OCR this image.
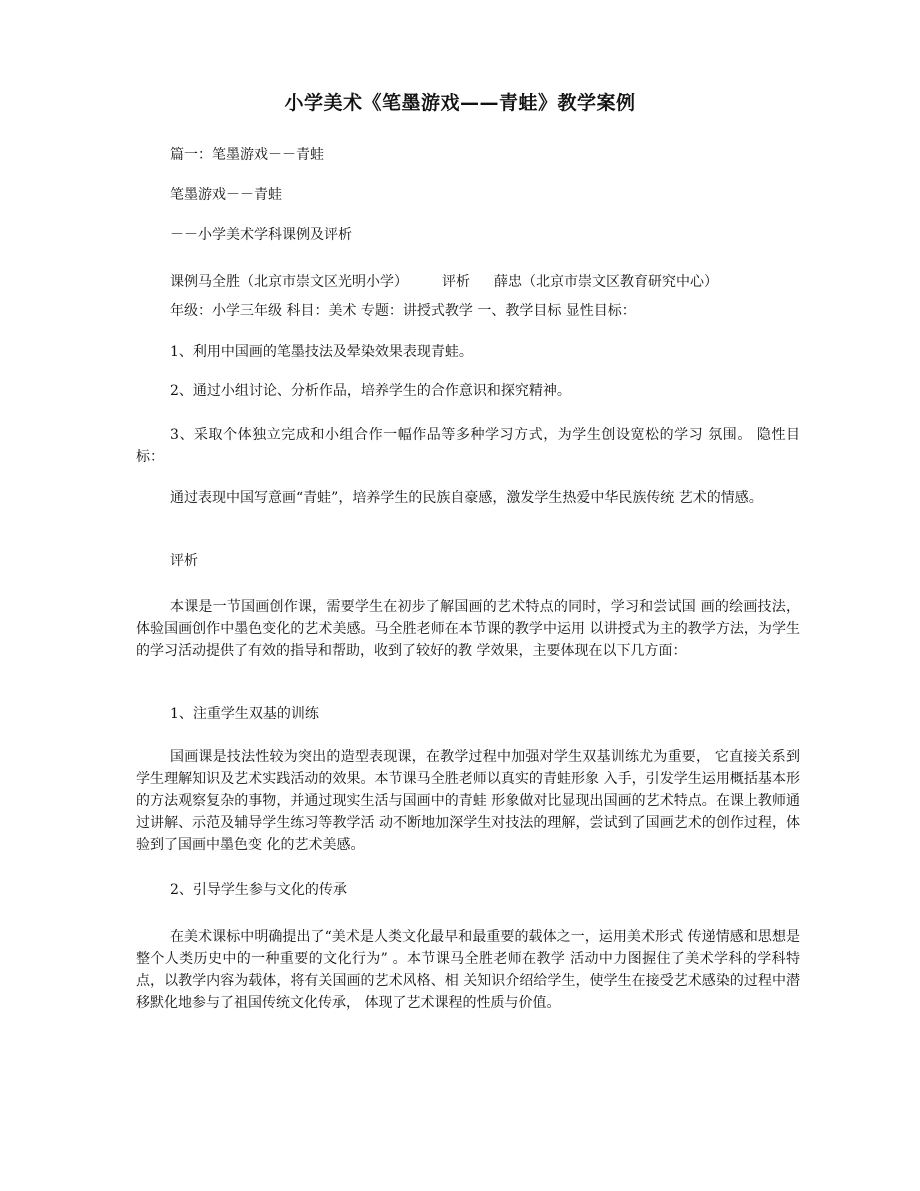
小学美术《笔墨游戏——青蛙》教学案例
篇一：笔墨游戏－－青蛙
笔墨游戏－－青蛙
－－小学美术学科课例及评析
课例马全胜（北京市崇文区光明小学） 评析 薛忠（北京市崇文区教育研究中心）
年级：小学三年级 科目：美术 专题：讲授式教学 一、教学目标 显性目标：
1、利用中国画的笔墨技法及晕染效果表现青蛙。
2、通过小组讨论、分析作品，培养学生的合作意识和探究精神。
3、采取个体独立完成和小组合作一幅作品等多种学习方式，为学生创设宽松的学习 氛围。 隐性目标：
通过表现中国写意画“青蛙”，培养学生的民族自豪感，激发学生热爱中华民族传统 艺术的情感。
评析
本课是一节国画创作课，需要学生在初步了解国画的艺术特点的同时，学习和尝试国 画的绘画技法，体验国画创作中墨色变化的艺术美感。马全胜老师在本节课的教学中运用 以讲授式为主的教学方法，为学生的学习活动提供了有效的指导和帮助，收到了较好的教 学效果，主要体现在以下几方面：
1、注重学生双基的训练
国画课是技法性较为突出的造型表现课，在教学过程中加强对学生双基训练尤为重要， 它直接关系到学生理解知识及艺术实践活动的效果。本节课马全胜老师以真实的青蛙形象 入手，引发学生运用概括基本形的方法观察复杂的事物，并通过现实生活与国画中的青蛙 形象做对比显现出国画的艺术特点。在课上教师通过讲解、示范及辅导学生练习等教学活 动不断地加深学生对技法的理解，尝试到了国画艺术的创作过程，体验到了国画中墨色变 化的艺术美感。
2、引导学生参与文化的传承
在美术课标中明确提出了“美术是人类文化最早和最重要的载体之一，运用美术形式 传递情感和思想是整个人类历史中的一种重要的文化行为” 。本节课马全胜老师在教学 活动中力图握住了美术学科的学科特点，以教学内容为载体，将有关国画的艺术风格、相 关知识介绍给学生，使学生在接受艺术感染的过程中潜移默化地参与了祖国传统文化传承， 体现了艺术课程的性质与价值。
